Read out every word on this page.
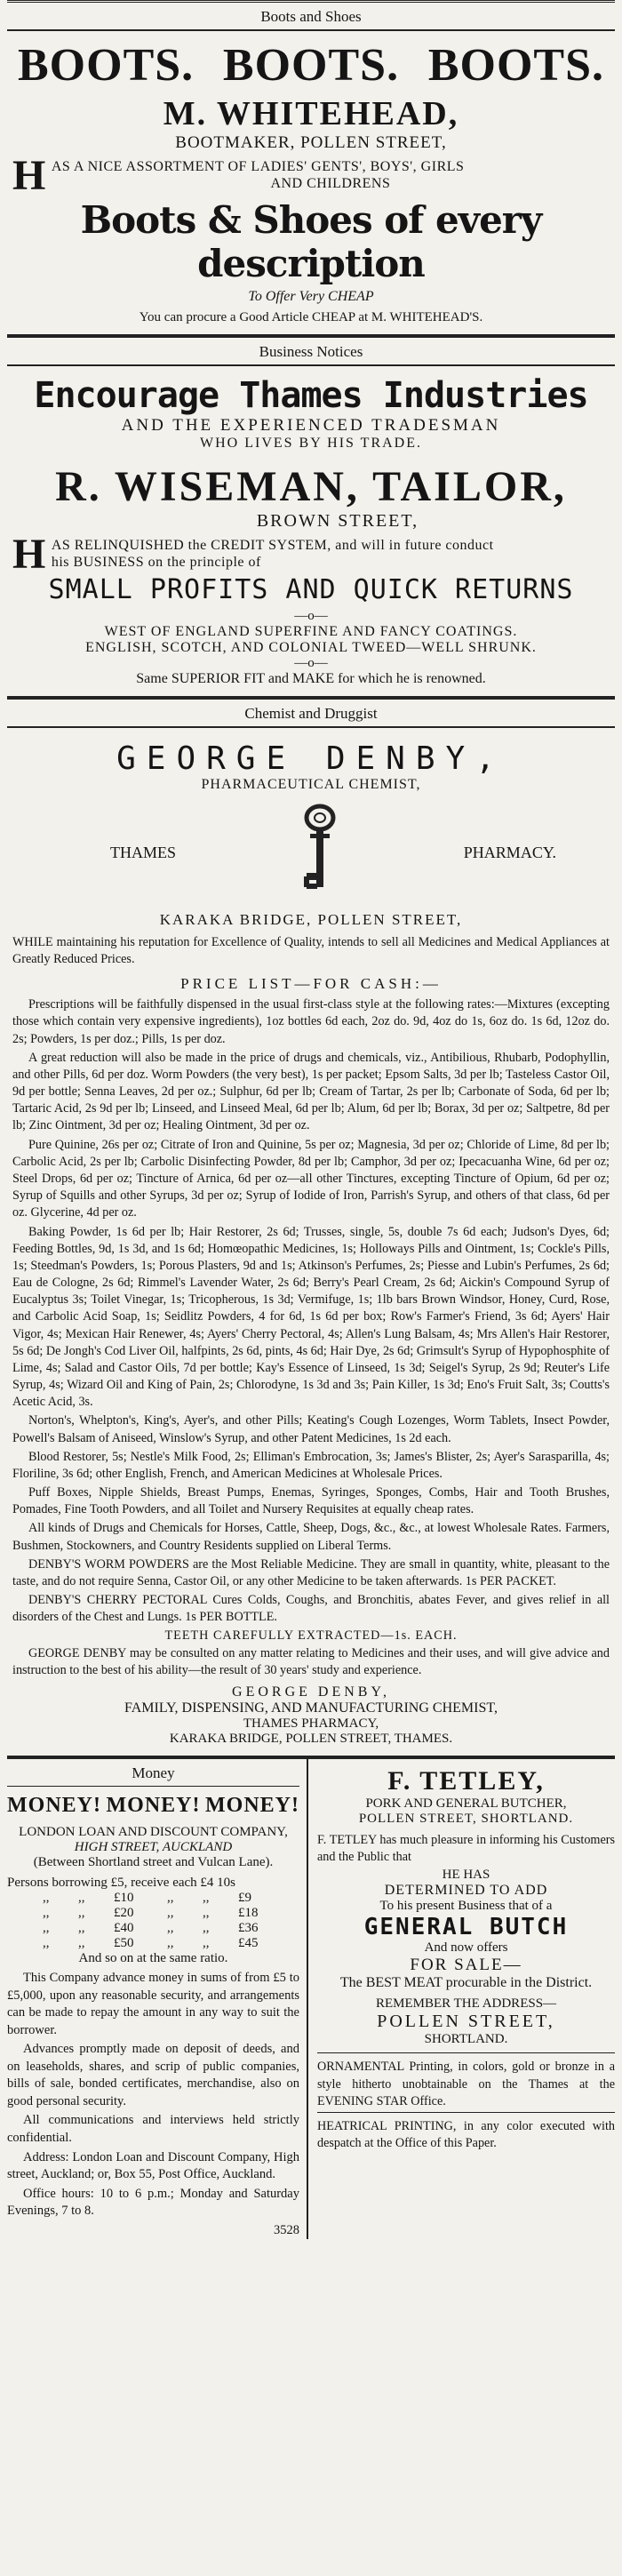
Boots and Shoes
BOOTS. BOOTS. BOOTS.
M. WHITEHEAD,
BOOTMAKER, POLLEN STREET,
H AS A NICE ASSORTMENT OF LADIES' GENTS', BOYS', GIRLS
AND CHILDRENS
Boots & Shoes of every description
To Offer Very CHEAP
You can procure a Good Article CHEAP at M. WHITEHEAD'S.
Business Notices
Encourage Thames Industries
AND THE EXPERIENCED TRADESMAN
WHO LIVES BY HIS TRADE.
R. WISEMAN, TAILOR,
BROWN STREET,
H AS RELINQUISHED the CREDIT SYSTEM, and will in future conduct
his BUSINESS on the principle of
SMALL PROFITS AND QUICK RETURNS
—o—
WEST OF ENGLAND SUPERFINE AND FANCY COATINGS.
ENGLISH, SCOTCH, AND COLONIAL TWEED—WELL SHRUNK.
—o—
Same SUPERIOR FIT and MAKE for which he is renowned.
Chemist and Druggist
GEORGE DENBY,
PHARMACEUTICAL CHEMIST,
THAMES	PHARMACY.
KARAKA BRIDGE, POLLEN STREET,

WHILE maintaining his reputation for Excellence of Quality, intends to sell all Medicines and Medical Appliances at Greatly Reduced Prices.

PRICE LIST—FOR CASH:—

Prescriptions will be faithfully dispensed in the usual first-class style at the following rates:—Mixtures (excepting those which contain very expensive ingredients), 1oz bottles 6d each, 2oz do. 9d, 4oz do 1s, 6oz do. 1s 6d, 12oz do. 2s; Powders, 1s per doz.; Pills, 1s per doz.

A great reduction will also be made in the price of drugs and chemicals, viz., Antibilious, Rhubarb, Podophyllin, and other Pills, 6d per doz. Worm Powders (the very best), 1s per packet; Epsom Salts, 3d per lb; Tasteless Castor Oil, 9d per bottle; Senna Leaves, 2d per oz.; Sulphur, 6d per lb; Cream of Tartar, 2s per lb; Carbonate of Soda, 6d per lb; Tartaric Acid, 2s 9d per lb; Linseed, and Linseed Meal, 6d per lb; Alum, 6d per lb; Borax, 3d per oz; Saltpetre, 8d per lb; Zinc Ointment, 3d per oz; Healing Ointment, 3d per oz.

Pure Quinine, 26s per oz; Citrate of Iron and Quinine, 5s per oz; Magnesia, 3d per oz; Chloride of Lime, 8d per lb; Carbolic Acid, 2s per lb; Carbolic Disinfecting Powder, 8d per lb; Camphor, 3d per oz; Ipecacuanha Wine, 6d per oz; Steel Drops, 6d per oz; Tincture of Arnica, 6d per oz—all other Tinctures, excepting Tincture of Opium, 6d per oz; Syrup of Squills and other Syrups, 3d per oz; Syrup of Iodide of Iron, Parrish's Syrup, and others of that class, 6d per oz. Glycerine, 4d per oz.

Baking Powder, 1s 6d per lb; Hair Restorer, 2s 6d; Trusses, single, 5s, double 7s 6d each; Judson's Dyes, 6d; Feeding Bottles, 9d, 1s 3d, and 1s 6d; Homœopathic Medicines, 1s; Holloways Pills and Ointment, 1s; Cockle's Pills, 1s; Steedman's Powders, 1s; Porous Plasters, 9d and 1s; Atkinson's Perfumes, 2s; Piesse and Lubin's Perfumes, 2s 6d; Eau de Cologne, 2s 6d; Rimmel's Lavender Water, 2s 6d; Berry's Pearl Cream, 2s 6d; Aickin's Compound Syrup of Eucalyptus 3s; Toilet Vinegar, 1s; Tricopherous, 1s 3d; Vermifuge, 1s; 1lb bars Brown Windsor, Honey, Curd, Rose, and Carbolic Acid Soap, 1s; Seidlitz Powders, 4 for 6d, 1s 6d per box; Row's Farmer's Friend, 3s 6d; Ayers' Hair Vigor, 4s; Mexican Hair Renewer, 4s; Ayers' Cherry Pectoral, 4s; Allen's Lung Balsam, 4s; Mrs Allen's Hair Restorer, 5s 6d; De Jongh's Cod Liver Oil, halfpints, 2s 6d, pints, 4s 6d; Hair Dye, 2s 6d; Grimsult's Syrup of Hypophosphite of Lime, 4s; Salad and Castor Oils, 7d per bottle; Kay's Essence of Linseed, 1s 3d; Seigel's Syrup, 2s 9d; Reuter's Life Syrup, 4s; Wizard Oil and King of Pain, 2s; Chlorodyne, 1s 3d and 3s; Pain Killer, 1s 3d; Eno's Fruit Salt, 3s; Coutts's Acetic Acid, 3s.

Norton's, Whelpton's, King's, Ayer's, and other Pills; Keating's Cough Lozenges, Worm Tablets, Insect Powder, Powell's Balsam of Aniseed, Winslow's Syrup, and other Patent Medicines, 1s 2d each.

Blood Restorer, 5s; Nestle's Milk Food, 2s; Elliman's Embrocation, 3s; James's Blister, 2s; Ayer's Sarasparilla, 4s; Floriline, 3s 6d; other English, French, and American Medicines at Wholesale Prices.

Puff Boxes, Nipple Shields, Breast Pumps, Enemas, Syringes, Sponges, Combs, Hair and Tooth Brushes, Pomades, Fine Tooth Powders, and all Toilet and Nursery Requisites at equally cheap rates.

All kinds of Drugs and Chemicals for Horses, Cattle, Sheep, Dogs, &c., &c., at lowest Wholesale Rates. Farmers, Bushmen, Stockowners, and Country Residents supplied on Liberal Terms.

DENBY'S WORM POWDERS are the Most Reliable Medicine. They are small in quantity, white, pleasant to the taste, and do not require Senna, Castor Oil, or any other Medicine to be taken afterwards. 1s PER PACKET.

DENBY'S CHERRY PECTORAL Cures Colds, Coughs, and Bronchitis, abates Fever, and gives relief in all disorders of the Chest and Lungs. 1s PER BOTTLE.

TEETH CAREFULLY EXTRACTED—1s. EACH.

GEORGE DENBY may be consulted on any matter relating to Medicines and their uses, and will give advice and instruction to the best of his ability—the result of 30 years' study and experience.

GEORGE DENBY,
FAMILY, DISPENSING, AND MANUFACTURING CHEMIST,
THAMES PHARMACY,
KARAKA BRIDGE, POLLEN STREET, THAMES.
Money
MONEY! MONEY! MONEY!
LONDON LOAN AND DISCOUNT COMPANY,
HIGH STREET, AUCKLAND
(Between Shortland street and Vulcan Lane).
Persons borrowing £5, receive each £4 10s
,,	,,	£10	,,	,,	£9
,,	,,	£20	,,	,,	£18
,,	,,	£40	,,	,,	£36
,,	,,	£50	,,	,,	£45
And so on at the same ratio.

This Company advance money in sums of from £5 to £5,000, upon any reasonable security, and arrangements can be made to repay the amount in any way to suit the borrower.

Advances promptly made on deposit of deeds, and on leaseholds, shares, and scrip of public companies, bills of sale, bonded certificates, merchandise, also on good personal security.

All communications and interviews held strictly confidential.

Address: London Loan and Discount Company, High street, Auckland; or, Box 55, Post Office, Auckland.

Office hours: 10 to 6 p.m.; Monday and Saturday Evenings, 7 to 8.

3528
F. TETLEY,
PORK AND GENERAL BUTCHER,
POLLEN STREET, SHORTLAND.

F. TETLEY has much pleasure in informing his Customers and the Public that

HE HAS
DETERMINED TO ADD
To his present Business that of a
GENERAL BUTCH
And now offers
FOR SALE—
The BEST MEAT procurable in the District.
REMEMBER THE ADDRESS—
POLLEN STREET,
SHORTLAND.

ORNAMENTAL Printing, in colors, gold or bronze in a style hitherto unobtainable on the Thames at the EVENING STAR Office.

HEATRICAL PRINTING, in any color executed with despatch at the Office of this Paper.
